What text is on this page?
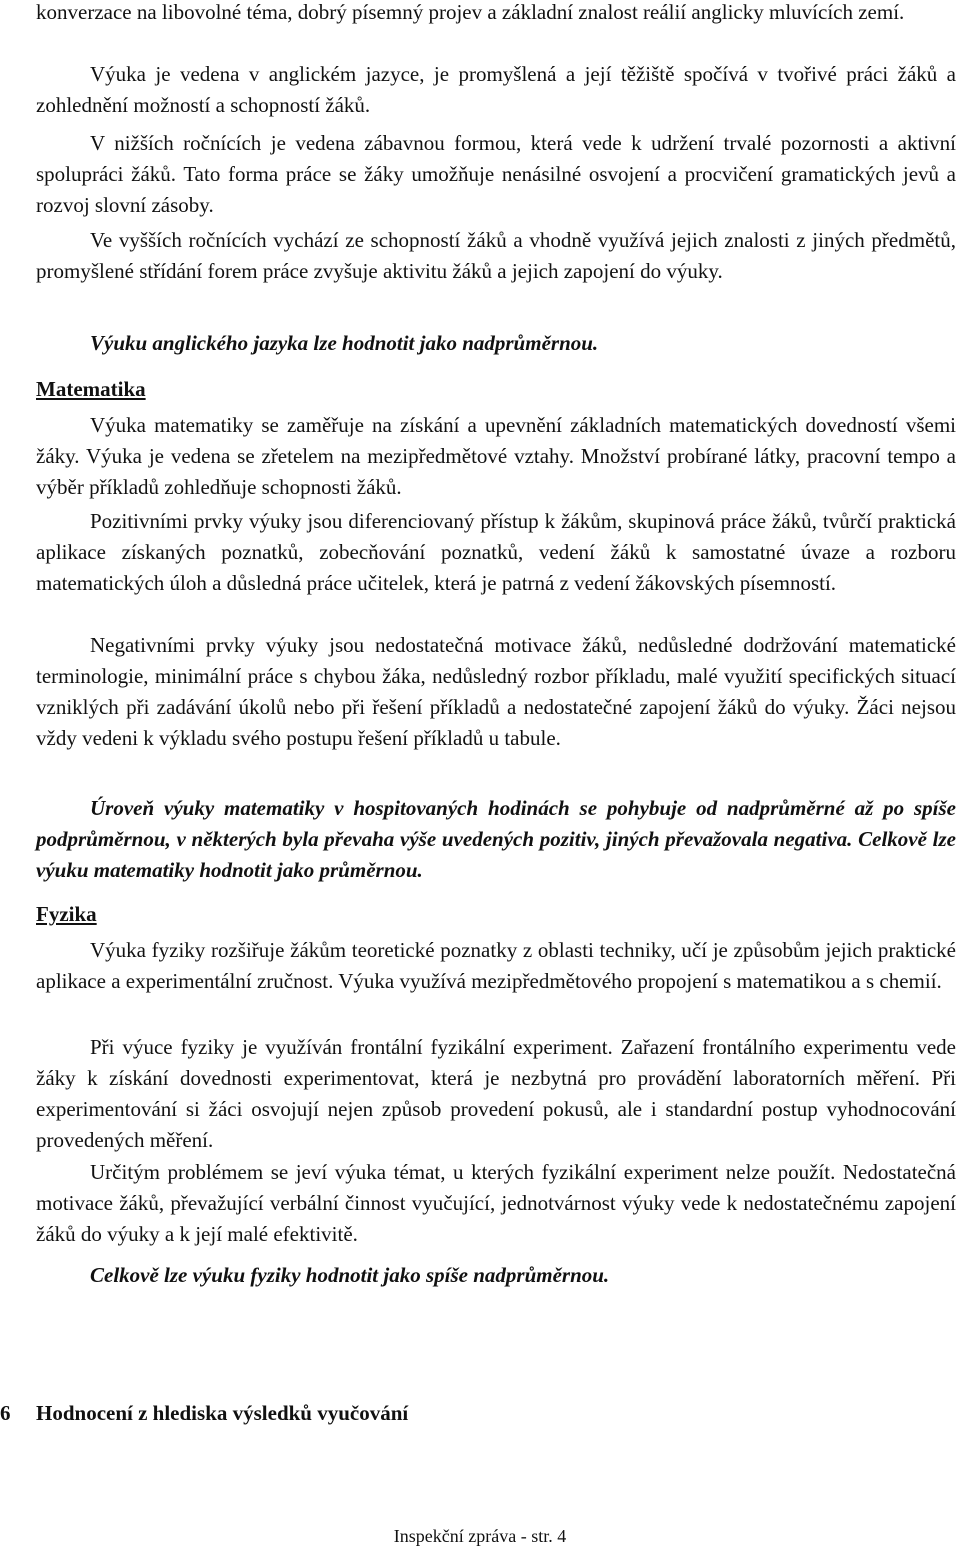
konverzace na libovolné téma, dobrý písemný projev a základní znalost reálií anglicky mluvících zemí.

Výuka je vedena v anglickém jazyce, je promyšlená a její těžiště spočívá v tvořivé práci žáků a zohlednění možností a schopností žáků.

V nižších ročnících je vedena zábavnou formou, která vede k udržení trvalé pozornosti a aktivní spolupráci žáků. Tato forma práce se žáky umožňuje nenásilné osvojení a procvičení gramatických jevů a rozvoj slovní zásoby.

Ve vyšších ročnících vychází ze schopností žáků a vhodně využívá jejich znalosti z jiných předmětů, promyšlené střídání forem práce zvyšuje aktivitu žáků a jejich zapojení do výuky.

Výuku anglického jazyka lze hodnotit jako nadprůměrnou.

Matematika

Výuka matematiky se zaměřuje na získání a upevnění základních matematických dovedností všemi žáky. Výuka je vedena se zřetelem na mezipředmětové vztahy. Množství probírané látky, pracovní tempo a výběr příkladů zohledňuje schopnosti žáků.

Pozitivními prvky výuky jsou diferenciovaný přístup k žákům, skupinová práce žáků, tvůrčí praktická aplikace získaných poznatků, zobecňování poznatků, vedení žáků k samostatné úvaze a rozboru matematických úloh a důsledná práce učitelek, která je patrná z vedení žákovských písemností.

Negativními prvky výuky jsou nedostatečná motivace žáků, nedůsledné dodržování matematické terminologie, minimální práce s chybou žáka, nedůsledný rozbor příkladu, malé využití specifických situací vzniklých při zadávání úkolů nebo při řešení příkladů a nedostatečné zapojení žáků do výuky. Žáci nejsou vždy vedeni k výkladu svého postupu řešení příkladů u tabule.

Úroveň výuky matematiky v hospitovaných hodinách se pohybuje od nadprůměrné až po spíše podprůměrnou, v některých byla převaha výše uvedených pozitiv, jiných převažovala negativa. Celkově lze výuku matematiky hodnotit jako průměrnou.

Fyzika

Výuka fyziky rozšiřuje žákům teoretické poznatky z oblasti techniky, učí je způsobům jejich praktické aplikace a experimentální zručnost. Výuka využívá mezipředmětového propojení s matematikou a s chemií.

Při výuce fyziky je využíván frontální fyzikální experiment. Zařazení frontálního experimentu vede žáky k získání dovednosti experimentovat, která je nezbytná pro provádění laboratorních měření. Při experimentování si žáci osvojují nejen způsob provedení pokusů, ale i standardní postup vyhodnocování provedených měření.

Určitým problémem se jeví výuka témat, u kterých fyzikální experiment nelze použít. Nedostatečná motivace žáků, převažující verbální činnost vyučující, jednotvárnost výuky vede k nedostatečnému zapojení žáků do výuky a k její malé efektivitě.

Celkově lze výuku fyziky hodnotit jako spíše nadprůměrnou.

6 Hodnocení z hlediska výsledků vyučování
Inspekční zpráva - str. 4
